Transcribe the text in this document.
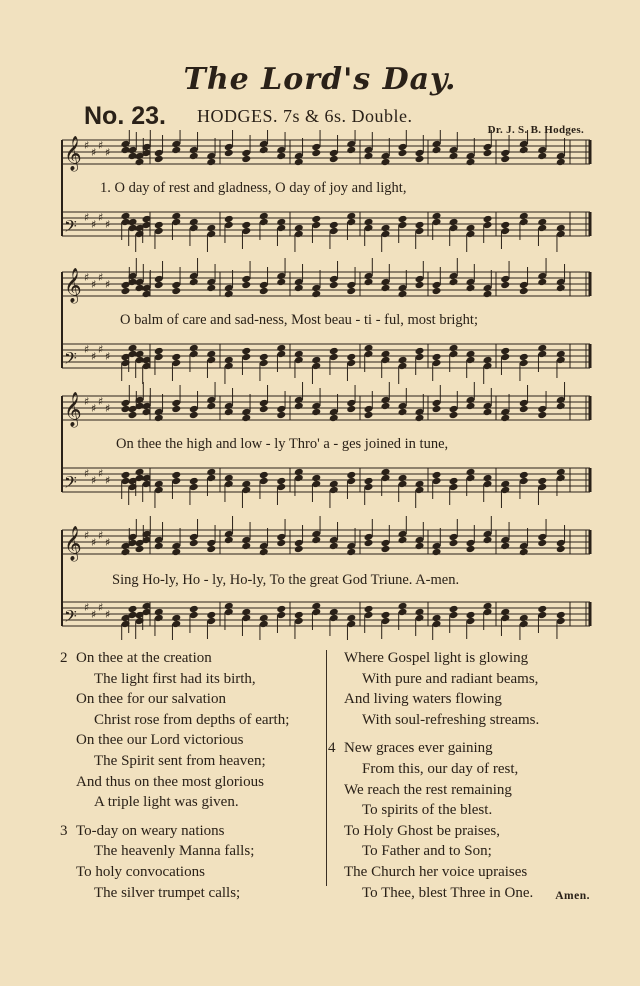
The Lord's Day.
No. 23. HODGES. 7s & 6s. Double.
Dr. J. S. B. Hodges.
𝄞 ♯
♯
♯
♯
𝄢 ♯
♯
♯
♯
𝄞 ♯
♯
♯
♯
𝄢 ♯
♯
♯
♯
𝄞 ♯
♯
♯
♯
𝄢 ♯
♯
♯
♯
𝄞 ♯
♯
♯
♯
𝄢 ♯
♯
♯
♯
1. O day of rest and gladness, O day of joy and light,
O balm of care and sad-ness, Most beau - ti - ful, most bright;
On thee the high and low - ly Thro' a - ges joined in tune,
Sing Ho-ly, Ho - ly, Ho-ly, To the great God Triune. A-men.
2 On thee at the creation
The light first had its birth,
On thee for our salvation
Christ rose from depths of earth;
On thee our Lord victorious
The Spirit sent from heaven;
And thus on thee most glorious
A triple light was given.
3 To-day on weary nations
The heavenly Manna falls;
To holy convocations
The silver trumpet calls;
Where Gospel light is glowing
With pure and radiant beams,
And living waters flowing
With soul-refreshing streams.
4 New graces ever gaining
From this, our day of rest,
We reach the rest remaining
To spirits of the blest.
To Holy Ghost be praises,
To Father and to Son;
The Church her voice upraises
To Thee, blest Three in One.	Amen.
